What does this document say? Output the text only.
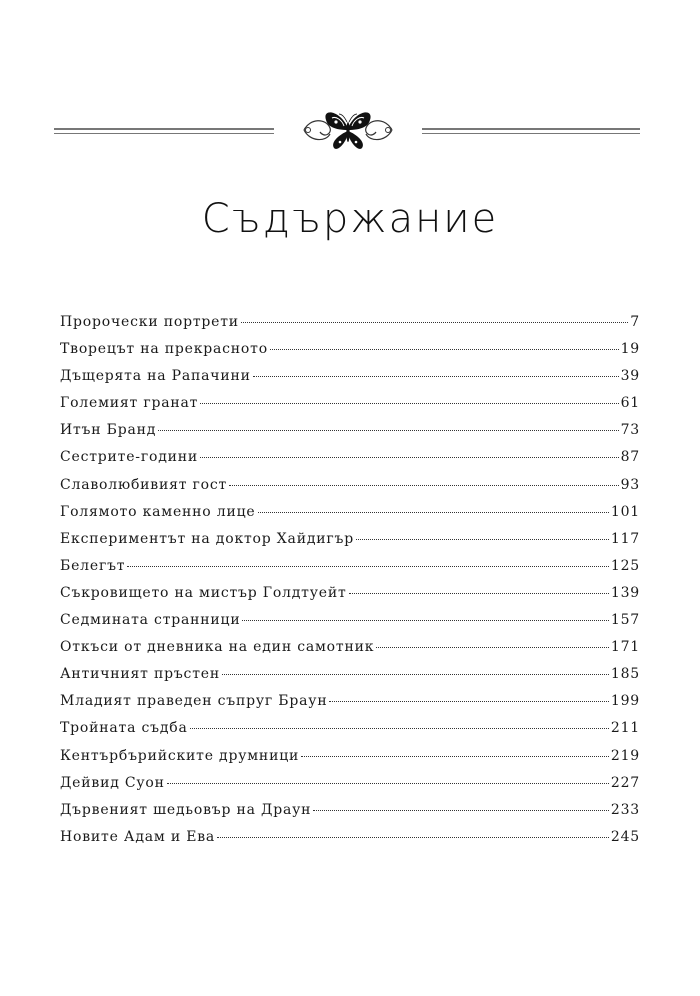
Съдържание
Пророчески портрети	7
Творецът на прекрасното	19
Дъщерята на Рапачини	39
Големият гранат	61
Итън Бранд	73
Сестрите-години	87
Славолюбивият гост	93
Голямото каменно лице	101
Експериментът на доктор Хайдигър	117
Белегът	125
Съкровището на мистър Голдтуейт	139
Седмината странници	157
Откъси от дневника на един самотник	171
Античният пръстен	185
Младият праведен съпруг Браун	199
Тройната съдба	211
Кентърбърийските друмници	219
Дейвид Суон	227
Дървеният шедьовър на Драун	233
Новите Адам и Ева	245
